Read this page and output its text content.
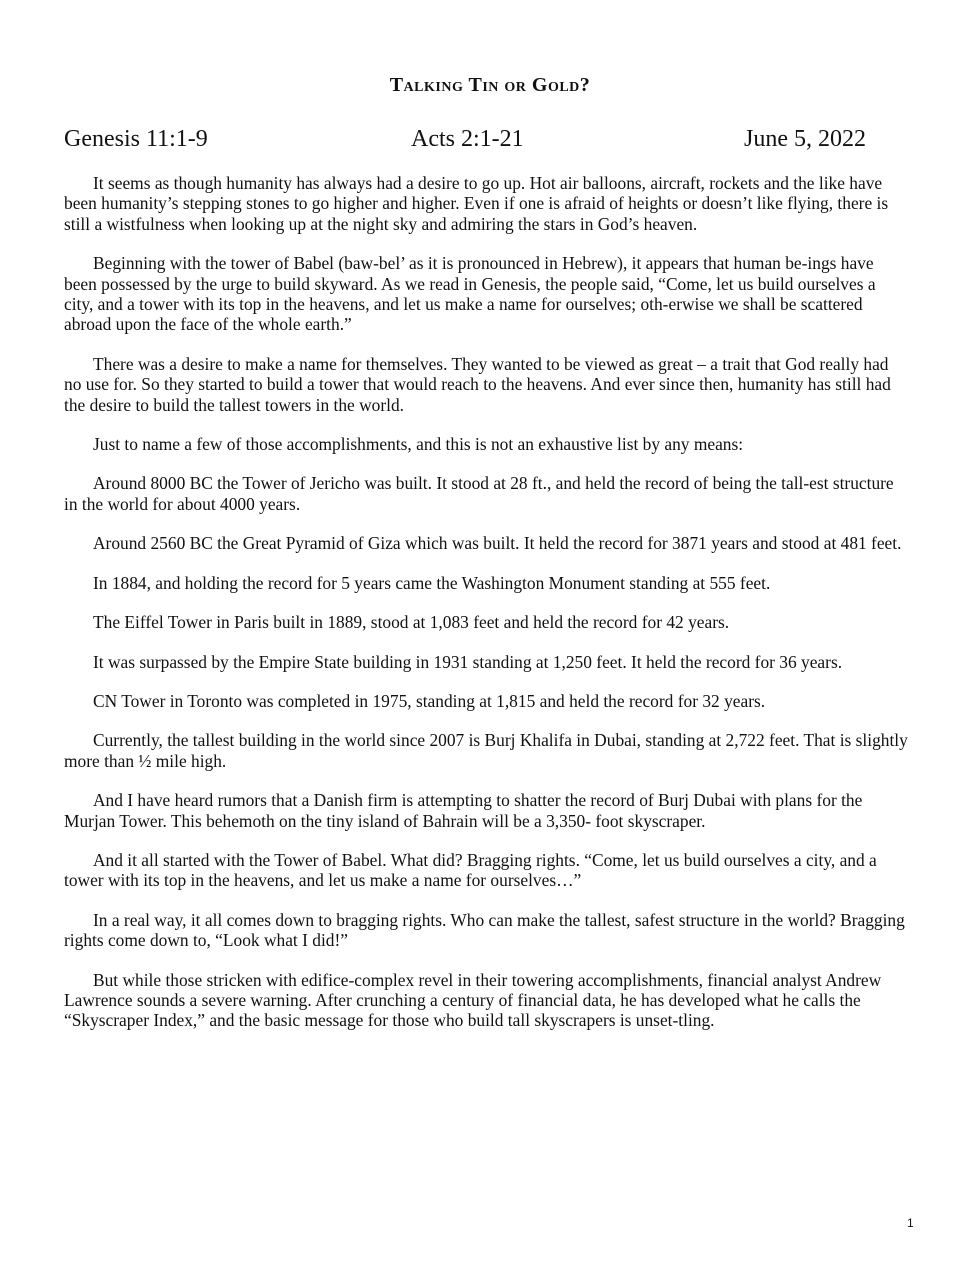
Talking Tin or Gold?
Genesis 11:1-9	Acts 2:1-21	June 5, 2022

It seems as though humanity has always had a desire to go up. Hot air balloons, aircraft, rockets and the like have been humanity’s stepping stones to go higher and higher. Even if one is afraid of heights or doesn’t like flying, there is still a wistfulness when looking up at the night sky and admiring the stars in God’s heaven.

Beginning with the tower of Babel (baw-bel’ as it is pronounced in Hebrew), it appears that human be-ings have been possessed by the urge to build skyward. As we read in Genesis, the people said, “Come, let us build ourselves a city, and a tower with its top in the heavens, and let us make a name for ourselves; oth-erwise we shall be scattered abroad upon the face of the whole earth.”

There was a desire to make a name for themselves. They wanted to be viewed as great – a trait that God really had no use for. So they started to build a tower that would reach to the heavens. And ever since then, humanity has still had the desire to build the tallest towers in the world.

Just to name a few of those accomplishments, and this is not an exhaustive list by any means:

Around 8000 BC the Tower of Jericho was built. It stood at 28 ft., and held the record of being the tall-est structure in the world for about 4000 years.

Around 2560 BC the Great Pyramid of Giza which was built. It held the record for 3871 years and stood at 481 feet.

In 1884, and holding the record for 5 years came the Washington Monument standing at 555 feet.

The Eiffel Tower in Paris built in 1889, stood at 1,083 feet and held the record for 42 years.

It was surpassed by the Empire State building in 1931 standing at 1,250 feet. It held the record for 36 years.

CN Tower in Toronto was completed in 1975, standing at 1,815 and held the record for 32 years.

Currently, the tallest building in the world since 2007 is Burj Khalifa in Dubai, standing at 2,722 feet. That is slightly more than ½ mile high.

And I have heard rumors that a Danish firm is attempting to shatter the record of Burj Dubai with plans for the Murjan Tower. This behemoth on the tiny island of Bahrain will be a 3,350- foot skyscraper.

And it all started with the Tower of Babel. What did? Bragging rights. “Come, let us build ourselves a city, and a tower with its top in the heavens, and let us make a name for ourselves…”

In a real way, it all comes down to bragging rights. Who can make the tallest, safest structure in the world? Bragging rights come down to, “Look what I did!”

But while those stricken with edifice-complex revel in their towering accomplishments, financial analyst Andrew Lawrence sounds a severe warning. After crunching a century of financial data, he has developed what he calls the “Skyscraper Index,” and the basic message for those who build tall skyscrapers is unset-tling.

1
